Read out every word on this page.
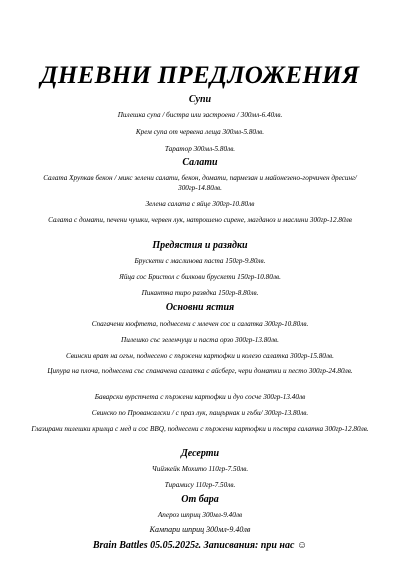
ДНЕВНИ ПРЕДЛОЖЕНИЯ
Супи
Пилешка супа / бистра или застроена / 300мл-6.40лв.
Крем супа от червена леща 300мл-5.80лв.
Таратор 300мл-5.80лв.
Салати
Салата Хрупкав бекон / микс зелени салати, бекон, домати, пармезан и майонезено-горчичен дресинг/ 300гр-14.80лв.
Зелена салата с яйце 300гр-10.80лв
Салата с домати, печени чушки, червен лук, натрошено сирене, магданоз и маслини 300гр-12.80лв
Предястия и разядки
Брускети с маслинова паста 150гр-9.80лв.
Яйца сос Бристол с билкови брускети 150гр-10.80лв.
Пикантна тиро разядка 150гр-8.80лв.
Основни ястия
Спагачени кюфтета, поднесени с млечен сос и салатка 300гр-10.80лв.
Пилешко със зеленчуци и паста орзо 300гр-13.80лв.
Свински врат на огън, поднесено с пържени картофки и колезо салатка 300гр-15.80лв.
Ципура на плоча, поднесена със спаначена салатка с айсберг, чери доматки и песто 300гр-24.80лв.
Баварски вурстчета с пържени картофки и дуо сосче 300гр-13.40лв
Свинско по Провансалски / с праз лук, пащърнак и гъби/ 300гр-13.80лв.
Глазирани пилешки крилца с мед и сос BBQ, поднесени с пържени картофки и пъстра салатка 300гр-12.80лв.
Десерти
Чийзкейк Мохито 110гр-7.50лв.
Тирамису 110гр-7.50лв.
От бара
Апероз шприц 300мл-9.40лв
Кампари шприц 300мл-9.40лв
Brain Battles 05.05.2025г. Записвания: при нас ☺
